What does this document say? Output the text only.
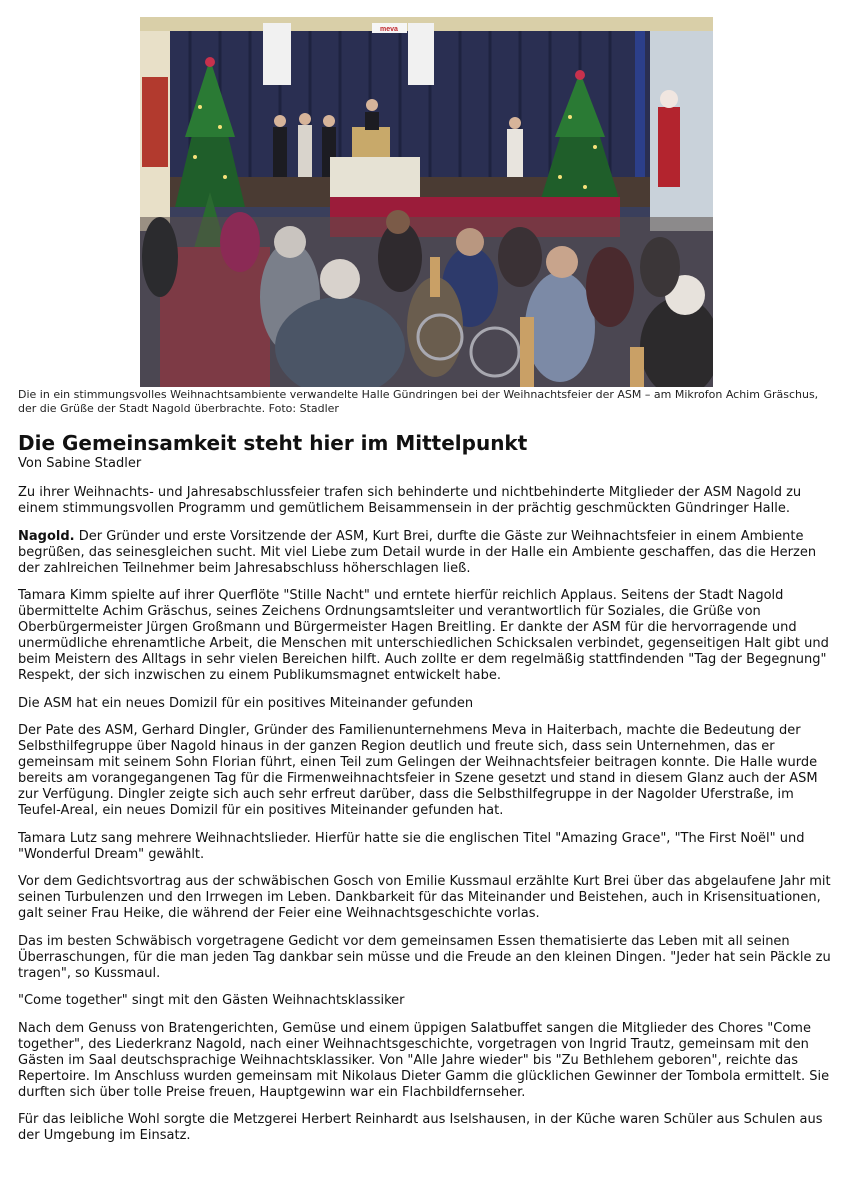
meva

Die in ein stimmungsvolles Weihnachtsambiente verwandelte Halle Gündringen bei der Weihnachtsfeier der ASM – am Mikrofon Achim Gräschus, der die Grüße der Stadt Nagold überbrachte. Foto: Stadler

Die Gemeinsamkeit steht hier im Mittelpunkt

Von Sabine Stadler

Zu ihrer Weihnachts- und Jahresabschlussfeier trafen sich behinderte und nichtbehinderte Mitglieder der ASM Nagold zu einem stimmungsvollen Programm und gemütlichem Beisammensein in der prächtig geschmückten Gündringer Halle.

Nagold. Der Gründer und erste Vorsitzende der ASM, Kurt Brei, durfte die Gäste zur Weihnachtsfeier in einem Ambiente begrüßen, das seinesgleichen sucht. Mit viel Liebe zum Detail wurde in der Halle ein Ambiente geschaffen, das die Herzen der zahlreichen Teilnehmer beim Jahresabschluss höherschlagen ließ.

Tamara Kimm spielte auf ihrer Querflöte "Stille Nacht" und erntete hierfür reichlich Applaus. Seitens der Stadt Nagold übermittelte Achim Gräschus, seines Zeichens Ordnungsamtsleiter und verantwortlich für Soziales, die Grüße von Oberbürgermeister Jürgen Großmann und Bürgermeister Hagen Breitling. Er dankte der ASM für die hervorragende und unermüdliche ehrenamtliche Arbeit, die Menschen mit unterschiedlichen Schicksalen verbindet, gegenseitigen Halt gibt und beim Meistern des Alltags in sehr vielen Bereichen hilft. Auch zollte er dem regelmäßig stattfindenden "Tag der Begegnung" Respekt, der sich inzwischen zu einem Publikumsmagnet entwickelt habe.

Die ASM hat ein neues Domizil für ein positives Miteinander gefunden

Der Pate des ASM, Gerhard Dingler, Gründer des Familienunternehmens Meva in Haiterbach, machte die Bedeutung der Selbsthilfegruppe über Nagold hinaus in der ganzen Region deutlich und freute sich, dass sein Unternehmen, das er gemeinsam mit seinem Sohn Florian führt, einen Teil zum Gelingen der Weihnachtsfeier beitragen konnte. Die Halle wurde bereits am vorangegangenen Tag für die Firmenweihnachtsfeier in Szene gesetzt und stand in diesem Glanz auch der ASM zur Verfügung. Dingler zeigte sich auch sehr erfreut darüber, dass die Selbsthilfegruppe in der Nagolder Uferstraße, im Teufel-Areal, ein neues Domizil für ein positives Miteinander gefunden hat.

Tamara Lutz sang mehrere Weihnachtslieder. Hierfür hatte sie die englischen Titel "Amazing Grace", "The First Noël" und "Wonderful Dream" gewählt.

Vor dem Gedichtsvortrag aus der schwäbischen Gosch von Emilie Kussmaul erzählte Kurt Brei über das abgelaufene Jahr mit seinen Turbulenzen und den Irrwegen im Leben. Dankbarkeit für das Miteinander und Beistehen, auch in Krisensituationen, galt seiner Frau Heike, die während der Feier eine Weihnachtsgeschichte vorlas.

Das im besten Schwäbisch vorgetragene Gedicht vor dem gemeinsamen Essen thematisierte das Leben mit all seinen Überraschungen, für die man jeden Tag dankbar sein müsse und die Freude an den kleinen Dingen. "Jeder hat sein Päckle zu tragen", so Kussmaul.

"Come together" singt mit den Gästen Weihnachtsklassiker

Nach dem Genuss von Bratengerichten, Gemüse und einem üppigen Salatbuffet sangen die Mitglieder des Chores "Come together", des Liederkranz Nagold, nach einer Weihnachtsgeschichte, vorgetragen von Ingrid Trautz, gemeinsam mit den Gästen im Saal deutschsprachige Weihnachtsklassiker. Von "Alle Jahre wieder" bis "Zu Bethlehem geboren", reichte das Repertoire. Im Anschluss wurden gemeinsam mit Nikolaus Dieter Gamm die glücklichen Gewinner der Tombola ermittelt. Sie durften sich über tolle Preise freuen, Hauptgewinn war ein Flachbildfernseher.

Für das leibliche Wohl sorgte die Metzgerei Herbert Reinhardt aus Iselshausen, in der Küche waren Schüler aus Schulen aus der Umgebung im Einsatz.
